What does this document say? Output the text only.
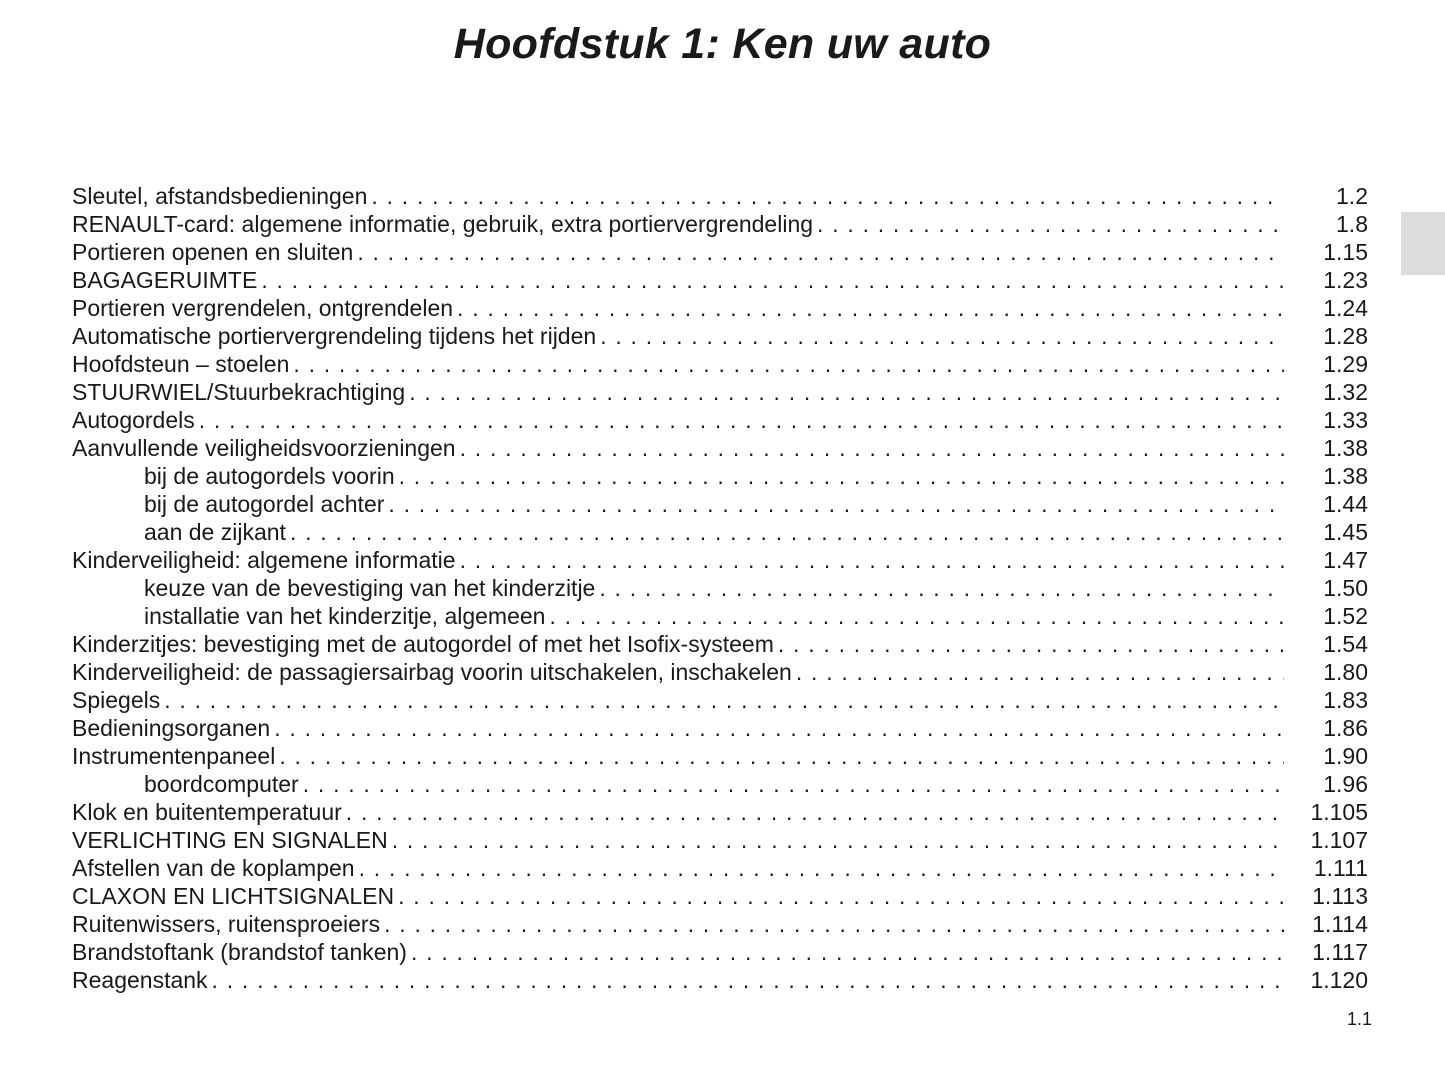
Hoofdstuk 1: Ken uw auto
Sleutel, afstandsbedieningen . . .	1.2
RENAULT-card: algemene informatie, gebruik, extra portiervergrendeling . . .	1.8
Portieren openen en sluiten . . .	1.15
BAGAGERUIMTE . . .	1.23
Portieren vergrendelen, ontgrendelen . . .	1.24
Automatische portiervergrendeling tijdens het rijden . . .	1.28
Hoofdsteun – stoelen . . .	1.29
STUURWIEL/Stuurbekrachtiging . . .	1.32
Autogordels . . .	1.33
Aanvullende veiligheidsvoorzieningen . . .	1.38
bij de autogordels voorin . . .	1.38
bij de autogordel achter . . .	1.44
aan de zijkant . . .	1.45
Kinderveiligheid: algemene informatie . . .	1.47
keuze van de bevestiging van het kinderzitje . . .	1.50
installatie van het kinderzitje, algemeen . . .	1.52
Kinderzitjes: bevestiging met de autogordel of met het Isofix-systeem . . .	1.54
Kinderveiligheid: de passagiersairbag voorin uitschakelen, inschakelen . . .	1.80
Spiegels . . .	1.83
Bedieningsorganen . . .	1.86
Instrumentenpaneel . . .	1.90
boordcomputer . . .	1.96
Klok en buitentemperatuur . . .	1.105
VERLICHTING EN SIGNALEN . . .	1.107
Afstellen van de koplampen . . .	1.111
CLAXON EN LICHTSIGNALEN . . .	1.113
Ruitenwissers, ruitensproeiers . . .	1.114
Brandstoftank (brandstof tanken) . . .	1.117
Reagenstank . . .	1.120
1.1
